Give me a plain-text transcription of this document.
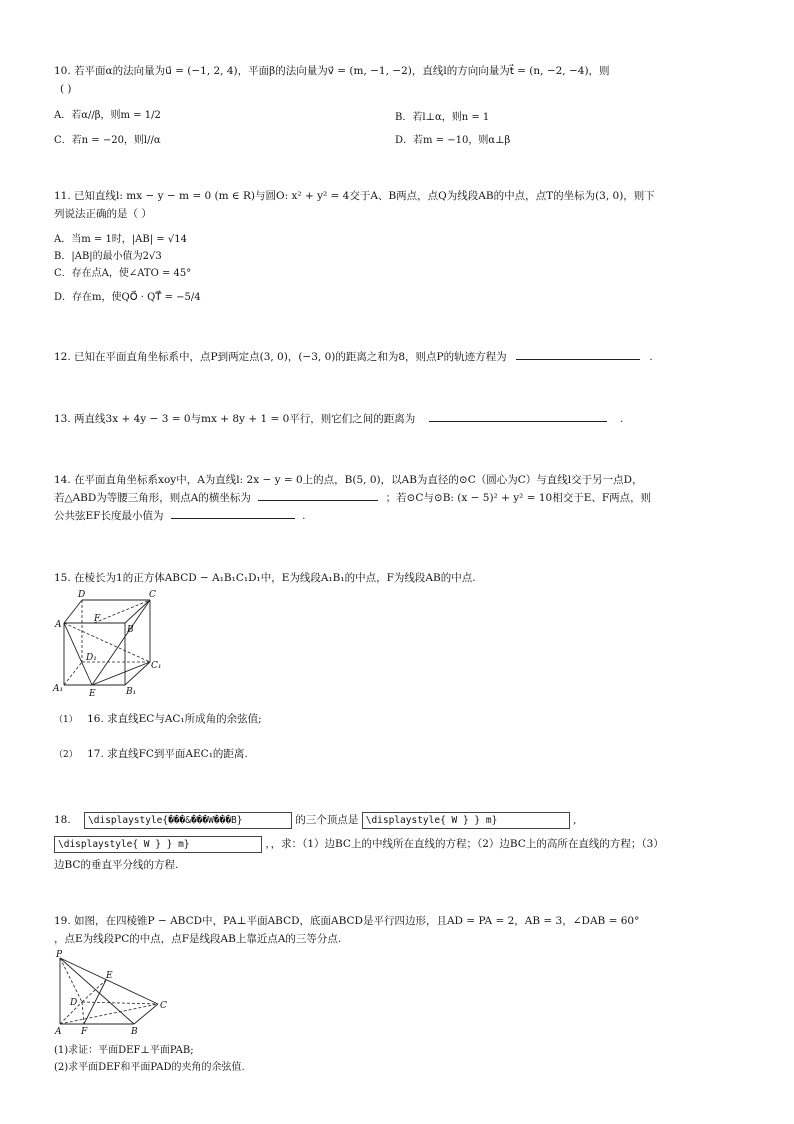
10. 若平面α的法向量为u⃗ = (−1, 2, 4)，平面β的法向量为v⃗ = (m, −1, −2)，直线l的方向向量为t⃗ = (n, −2, −4)，则
( )
A．若α//β，则m = 1/2	B．若l⊥α，则n = 1
C．若n = −20，则l//α	D．若m = −10，则α⊥β
11. 已知直线l: mx − y − m = 0 (m ∈ R)与圆O: x² + y² = 4交于A、B两点，点Q为线段AB的中点，点T的坐标为(3, 0)，则下
列说法正确的是（ ）
A．当m = 1时，|AB| = √14
B．|AB|的最小值为2√3
C．存在点A，使∠ATO = 45°
D．存在m，使QO⃗ · QT⃗ = −5/4
12. 已知在平面直角坐标系中，点P到两定点(3, 0)，(−3, 0)的距离之和为8，则点P的轨迹方程为	.
13. 两直线3x + 4y − 3 = 0与mx + 8y + 1 = 0平行，则它们之间的距离为	.
14. 在平面直角坐标系xoy中，A为直线l: 2x − y = 0上的点，B(5, 0)，以AB为直径的⊙C（圆心为C）与直线l交于另一点D，
若△ABD为等腰三角形，则点A的横坐标为	；若⊙C与⊙B: (x − 5)² + y² = 10相交于E、F两点，则
公共弦EF长度最小值为	.
15. 在棱长为1的正方体ABCD − A₁B₁C₁D₁中，E为线段A₁B₁的中点，F为线段AB的中点.
D	C
A
F
B
D₁
C₁
A₁	E	B₁
（1） 16. 求直线EC与AC₁所成角的余弦值;
（2） 17. 求直线FC到平面AEC₁的距离.
18. \displaystyle{���&���W���B}	的三个顶点是 \displaystyle{ W } } m}	,
\displaystyle{ W } } m}	，，求：（1）边BC上的中线所在直线的方程；（2）边BC上的高所在直线的方程；（3）
边BC的垂直平分线的方程.
19. 如图，在四棱锥P − ABCD中，PA⊥平面ABCD，底面ABCD是平行四边形，且AD = PA = 2，AB = 3，∠DAB = 60°
，点E为线段PC的中点，点F是线段AB上靠近点A的三等分点.
P
E
D	C
A F	B
(1)求证：平面DEF⊥平面PAB;
(2)求平面DEF和平面PAD的夹角的余弦值.
